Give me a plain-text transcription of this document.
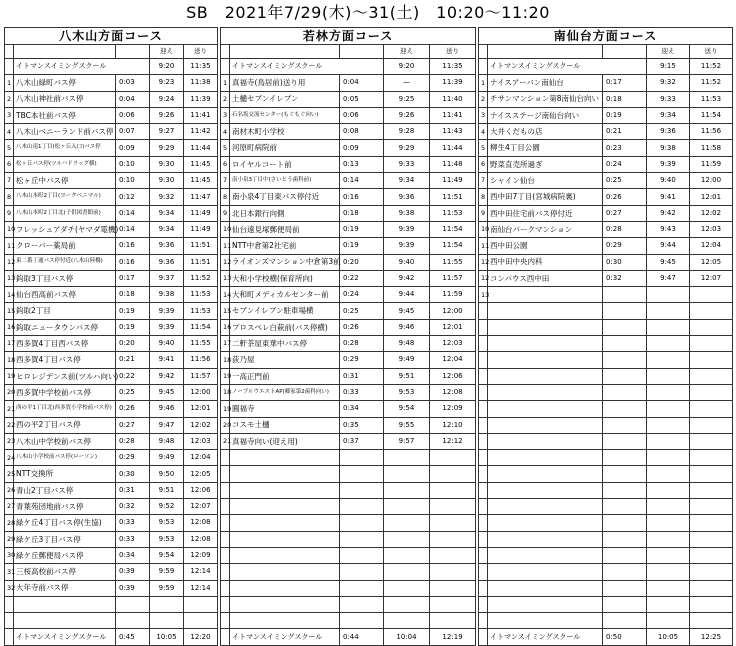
SB　2021年7/29(木)～31(土)　10:20～11:20
八木山方面コース				
			迎え	送り
	イトマンスイミングスクール		9:20	11:35
1	八木山緑町バス停	0:03	9:23	11:38
2	八木山神社前バス停	0:04	9:24	11:39
3	TBC本社前バス停	0:06	9:26	11:41
4	八木山ベニーランド前バス停	0:07	9:27	11:42
5	八木山南1丁目(松ヶ丘入口)バス停	0:09	9:29	11:44
6	松ヶ丘バス停(ツルハドラッグ横)	0:10	9:30	11:45
7	松ヶ丘中バス停	0:10	9:30	11:45
8	八木山本町2丁目(ヨークベニマル)	0:12	9:32	11:47
9	八木山本町2丁目北(子供図書館前)	0:14	9:34	11:49
10	フレッシュアダチ(ヤマダ電機)	0:14	9:34	11:49
11	クローバー薬局前	0:16	9:36	11:51
12	東二番丁通バス停付近(八木山陸橋)	0:16	9:36	11:51
13	鈎取3丁目バス停	0:17	9:37	11:52
14	仙台西高前バス停	0:18	9:38	11:53
15	鈎取2丁目	0:19	9:39	11:53
16	鈎取ニュータウンバス停	0:19	9:39	11:54
17	西多賀4丁目西バス停	0:20	9:40	11:55
18	西多賀4丁目バス停	0:21	9:41	11:56
19	ヒロレジデンス前(ツルハ向い)	0:22	9:42	11:57
20	西多賀中学校前バス停	0:25	9:45	12:00
21	西の平1丁目北(西多賀小学校前バス停)	0:26	9:46	12:01
22	西の平2丁目バス停	0:27	9:47	12:02
23	八木山中学校前バス停	0:28	9:48	12:03
24	八木山小学校前バス停(ローソン)	0:29	9:49	12:04
25	NTT交換所	0:30	9:50	12:05
26	青山2丁目バス停	0:31	9:51	12:06
27	青葉苑団地前バス停	0:32	9:52	12:07
28	緑ケ丘4丁目バス停(生協)	0:33	9:53	12:08
29	緑ケ丘3丁目バス停	0:33	9:53	12:08
30	緑ケ丘郵便局バス停	0:34	9:54	12:09
31	三桜高校前バス停	0:39	9:59	12:14
32	大年寺前バス停	0:39	9:59	12:14

	イトマンスイミングスクール	0:45	10:05	12:20
若林方面コース				
			迎え	送り
	イトマンスイミングスクール		9:20	11:35
1	真福寺(鳥居前)送り用	0:04	—	11:39
2	土樋セブンイレブン	0:05	9:25	11:40
3	石名坂交流センター(もぐもぐ向い)	0:06	9:26	11:41
4	南材木町小学校	0:08	9:28	11:43
5	河原町病院前	0:09	9:29	11:44
6	ロイヤルコート前	0:13	9:33	11:48
7	南小泉3丁目中(さいとう歯科前)	0:14	9:34	11:49
8	南小泉4丁目東バス停付近	0:16	9:36	11:51
9	北日本銀行向側	0:18	9:38	11:53
10	仙台遠見塚郵便局前	0:19	9:39	11:54
11	NTT中倉第2社宅前	0:19	9:39	11:54
12	ライオンズマンション中倉第3前	0:20	9:40	11:55
13	大和小学校横(保育所向)	0:22	9:42	11:57
14	大和町メディカルセンター前	0:24	9:44	11:59
15	セブンイレブン駐車場横	0:25	9:45	12:00
16	プロスペレ白萩前(バス停横)	0:26	9:46	12:01
17	二軒茶屋東華中バス停	0:28	9:48	12:03
18	荻乃屋	0:29	9:49	12:04
19	一高正門前	0:31	9:51	12:06
18	ノーブルウエストAP(郷家第2歯科向い)	0:33	9:53	12:08
19	圓福寺	0:34	9:54	12:09
20	コスモ土樋	0:35	9:55	12:10
21	真福寺向い(迎え用)	0:37	9:57	12:12

	イトマンスイミングスクール	0:44	10:04	12:19
南仙台方面コース				
			迎え	送り
	イトマンスイミングスクール		9:15	11:52
1	ナイスアーバン南仙台	0:17	9:32	11:52
2	チサンマンション第8南仙台向い	0:18	9:33	11:53
3	ナイスステージ南仙台向い	0:19	9:34	11:54
4	大井くだもの店	0:21	9:36	11:56
5	柳生4丁目公園	0:23	9:38	11:58
6	野菜直売所過ぎ	0:24	9:39	11:59
7	シャイン仙台	0:25	9:40	12:00
8	西中田7丁目(宮城病院裏)	0:26	9:41	12:01
9	西中田住宅前バス停付近	0:27	9:42	12:02
10	南仙台パークマンション	0:28	9:43	12:03
11	西中田公園	0:29	9:44	12:04
12	西中田中央内科	0:30	9:45	12:05
12	コンパウス西中田	0:32	9:47	12:07
13				

	イトマンスイミングスクール	0:50	10:05	12:25
